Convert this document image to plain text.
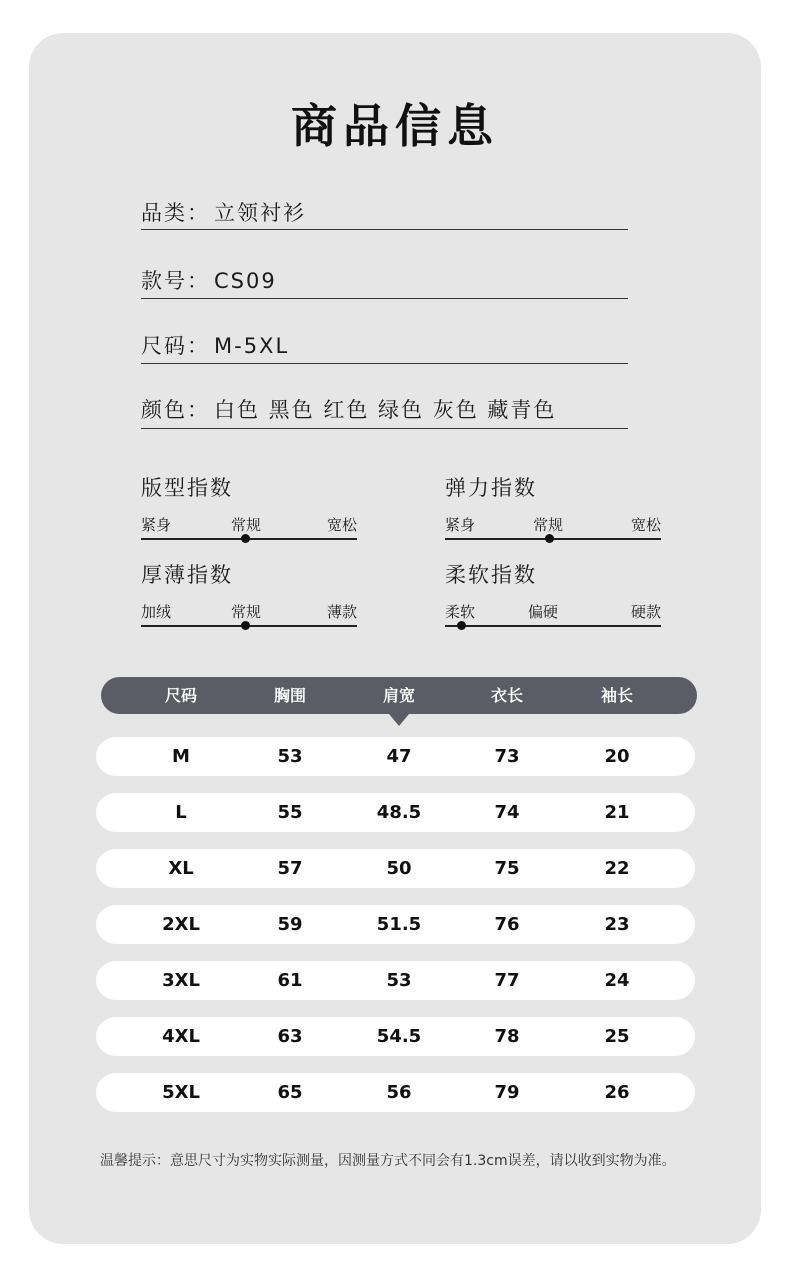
商品信息
品类： 立领衬衫
款号： CS09
尺码： M-5XL
颜色： 白色 黑色 红色 绿色 灰色 藏青色
版型指数
紧身	常规	宽松
弹力指数
紧身	常规	宽松
厚薄指数
加绒	常规	薄款
柔软指数
柔软	偏硬	硬款
尺码	胸围	肩宽	衣长	袖长
M	53	47	73	20
L	55	48.5	74	21
XL	57	50	75	22
2XL	59	51.5	76	23
3XL	61	53	77	24
4XL	63	54.5	78	25
5XL	65	56	79	26
温馨提示：意思尺寸为实物实际测量，因测量方式不同会有1.3cm误差，请以收到实物为准。
